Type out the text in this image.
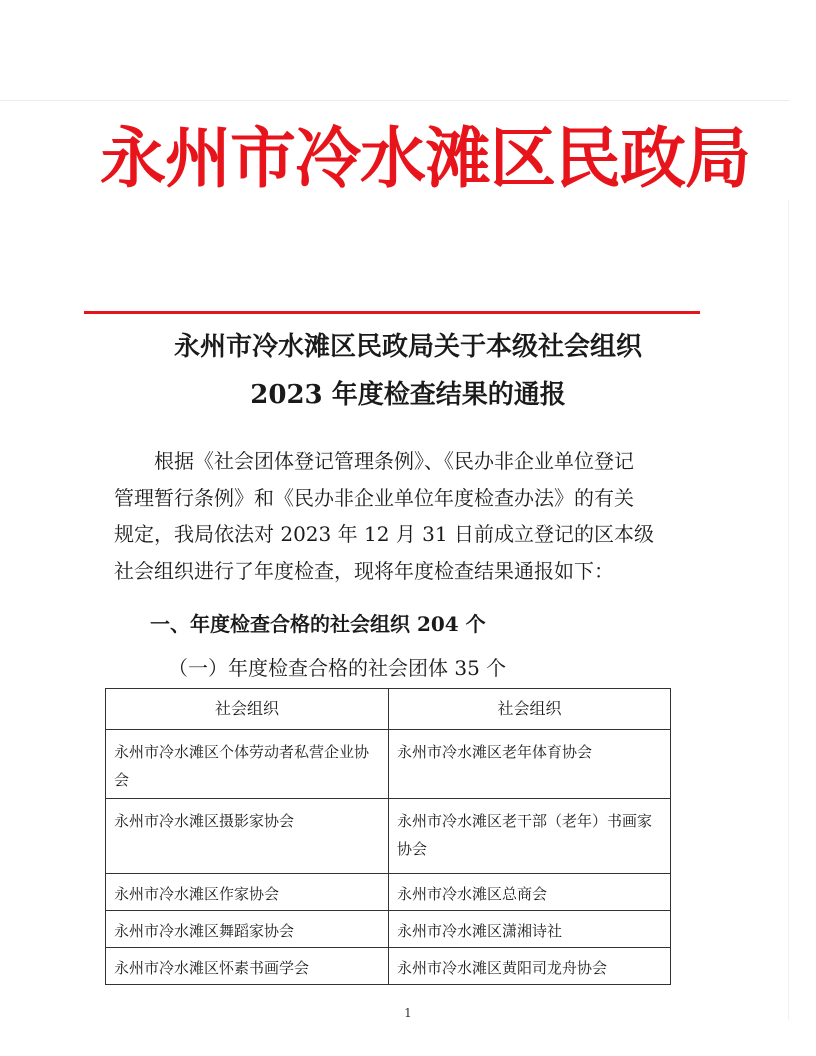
永州市冷水滩区民政局
永州市冷水滩区民政局关于本级社会组织
2023 年度检查结果的通报
根据《社会团体登记管理条例》、《民办非企业单位登记
管理暂行条例》和《民办非企业单位年度检查办法》的有关
规定，我局依法对 2023 年 12 月 31 日前成立登记的区本级
社会组织进行了年度检查，现将年度检查结果通报如下：
一、年度检查合格的社会组织 204 个
（一）年度检查合格的社会团体 35 个
社会组织	社会组织
永州市冷水滩区个体劳动者私营企业协会	永州市冷水滩区老年体育协会
永州市冷水滩区摄影家协会	永州市冷水滩区老干部（老年）书画家协会
永州市冷水滩区作家协会	永州市冷水滩区总商会
永州市冷水滩区舞蹈家协会	永州市冷水滩区潇湘诗社
永州市冷水滩区怀素书画学会	永州市冷水滩区黄阳司龙舟协会
1
